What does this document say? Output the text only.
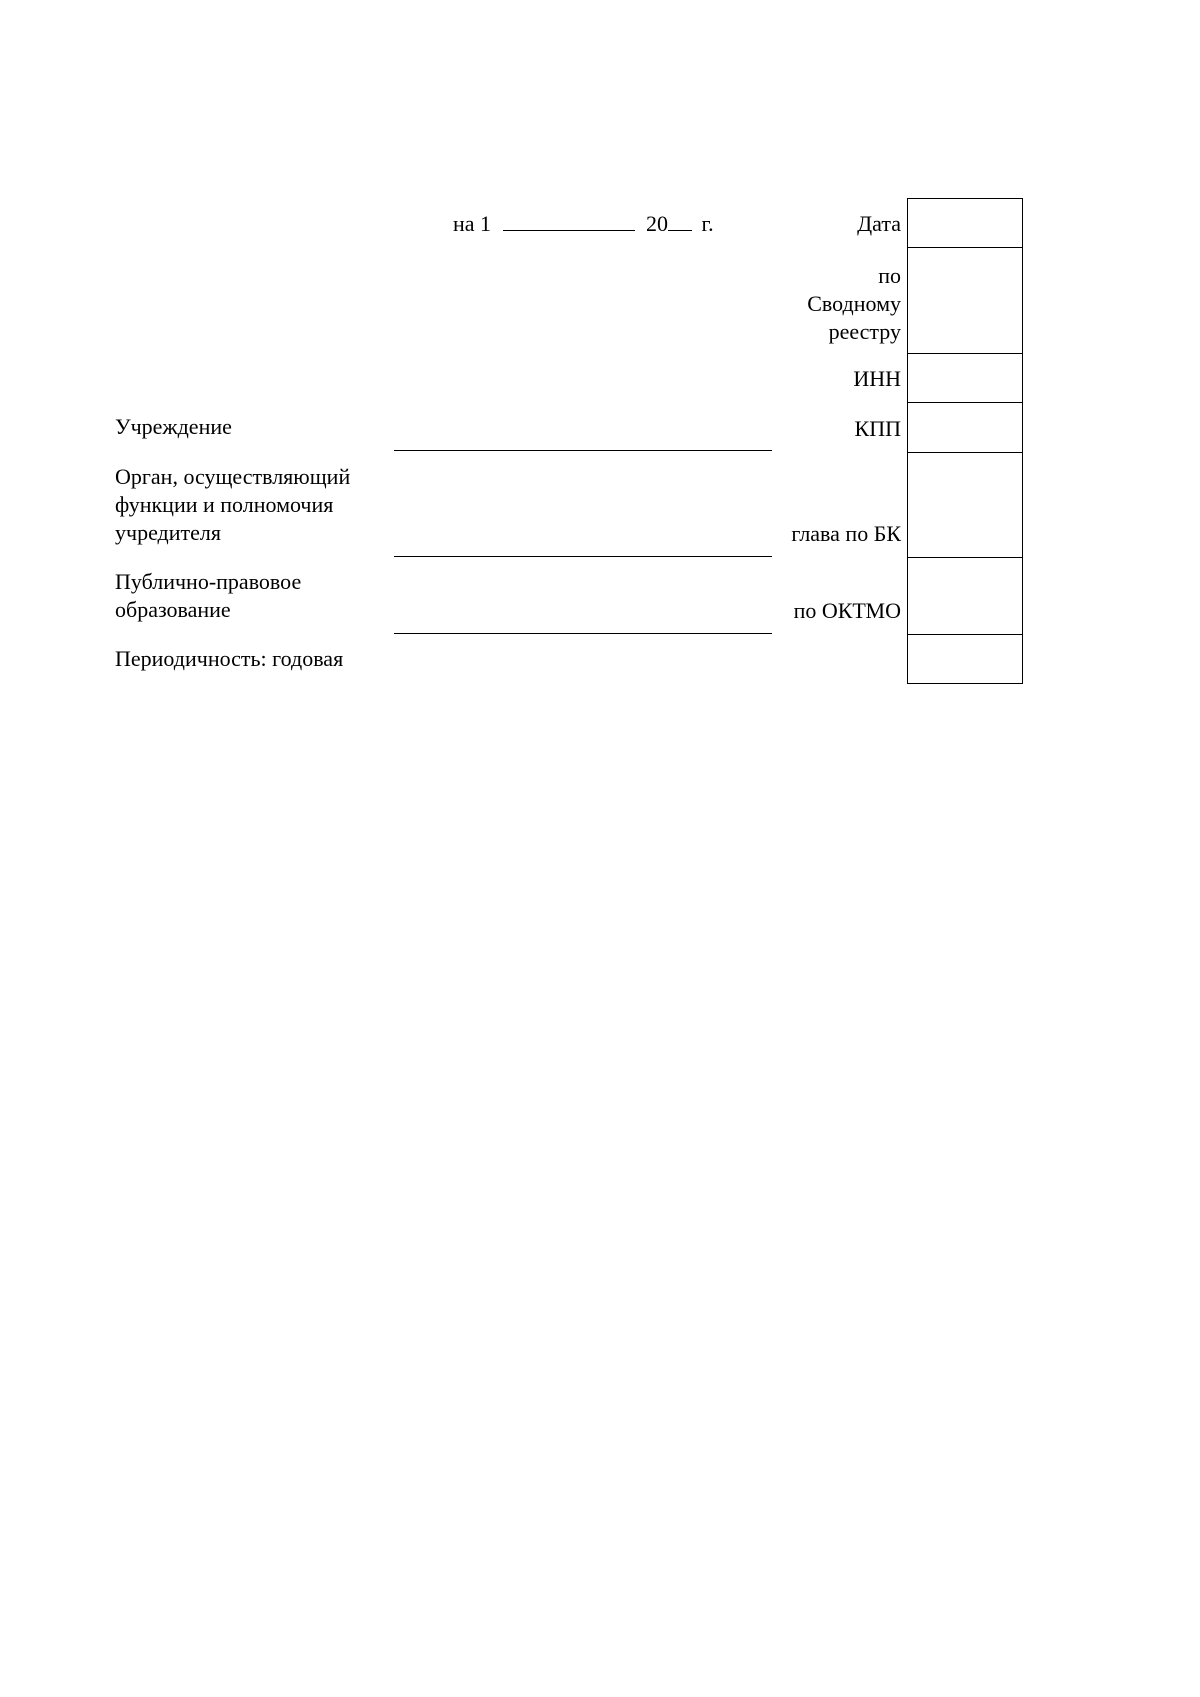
на 1	20 г.	Дата
по
Сводному
реестру
ИНН
КПП
глава по БК
по ОКТМО
Учреждение
Орган, осуществляющий
функции и полномочия
учредителя
Публично-правовое
образование
Периодичность: годовая
